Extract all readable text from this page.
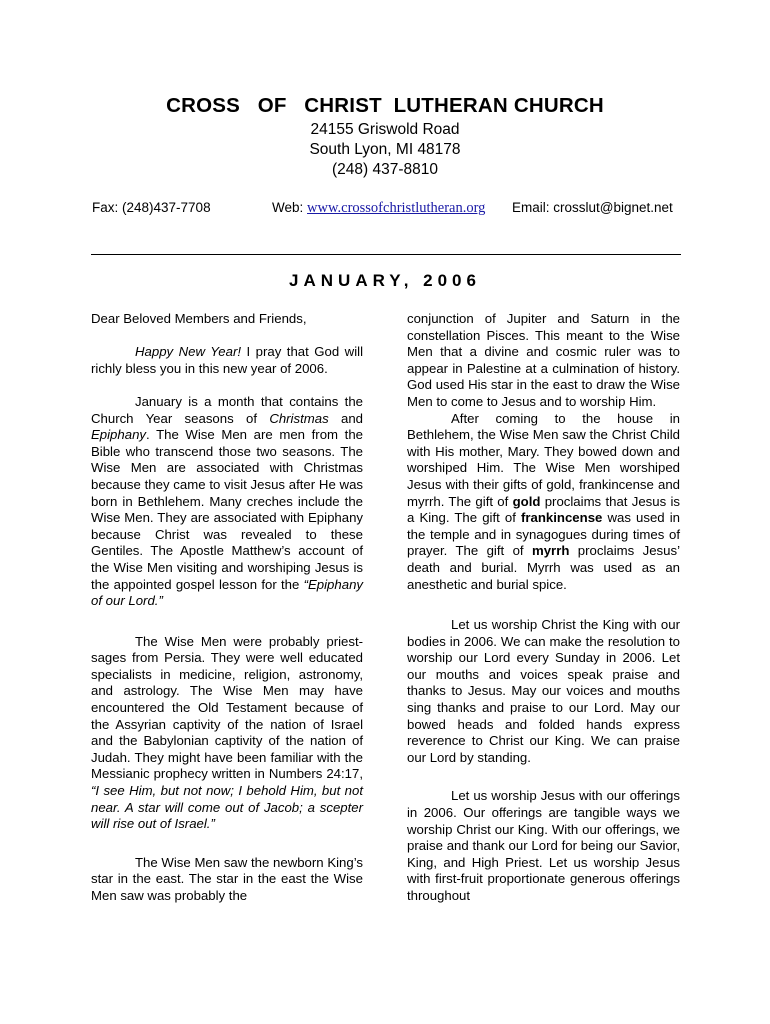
CROSS   OF   CHRIST  LUTHERAN CHURCH
24155 Griswold Road
South Lyon, MI 48178
(248) 437-8810
Fax: (248)437-7708	Web: www.crossofchristlutheran.org Email: crosslut@bignet.net
JANUARY, 2006

Dear Beloved Members and Friends,

Happy New Year! I pray that God will richly bless you in this new year of 2006.

January is a month that contains the Church Year seasons of Christmas and Epiphany. The Wise Men are men from the Bible who transcend those two seasons. The Wise Men are associated with Christmas because they came to visit Jesus after He was born in Bethlehem. Many creches include the Wise Men. They are associated with Epiphany because Christ was revealed to these Gentiles. The Apostle Matthew’s account of the Wise Men visiting and worshiping Jesus is the appointed gospel lesson for the “Epiphany of our Lord.”

The Wise Men were probably priest-sages from Persia. They were well educated specialists in medicine, religion, astronomy, and astrology. The Wise Men may have encountered the Old Testament because of the Assyrian captivity of the nation of Israel and the Babylonian captivity of the nation of Judah. They might have been familiar with the Messianic prophecy written in Numbers 24:17, “I see Him, but not now; I behold Him, but not near. A star will come out of Jacob; a scepter will rise out of Israel.”

The Wise Men saw the newborn King’s star in the east. The star in the east the Wise Men saw was probably the

conjunction of Jupiter and Saturn in the constellation Pisces. This meant to the Wise Men that a divine and cosmic ruler was to appear in Palestine at a culmination of history. God used His star in the east to draw the Wise Men to come to Jesus and to worship Him.

After coming to the house in Bethlehem, the Wise Men saw the Christ Child with His mother, Mary. They bowed down and worshiped Him. The Wise Men worshiped Jesus with their gifts of gold, frankincense and myrrh. The gift of gold proclaims that Jesus is a King. The gift of frankincense was used in the temple and in synagogues during times of prayer. The gift of myrrh proclaims Jesus’ death and burial. Myrrh was used as an anesthetic and burial spice.

Let us worship Christ the King with our bodies in 2006. We can make the resolution to worship our Lord every Sunday in 2006. Let our mouths and voices speak praise and thanks to Jesus. May our voices and mouths sing thanks and praise to our Lord. May our bowed heads and folded hands express reverence to Christ our King. We can praise our Lord by standing.

Let us worship Jesus with our offerings in 2006. Our offerings are tangible ways we worship Christ our King. With our offerings, we praise and thank our Lord for being our Savior, King, and High Priest. Let us worship Jesus with first-fruit proportionate generous offerings throughout
